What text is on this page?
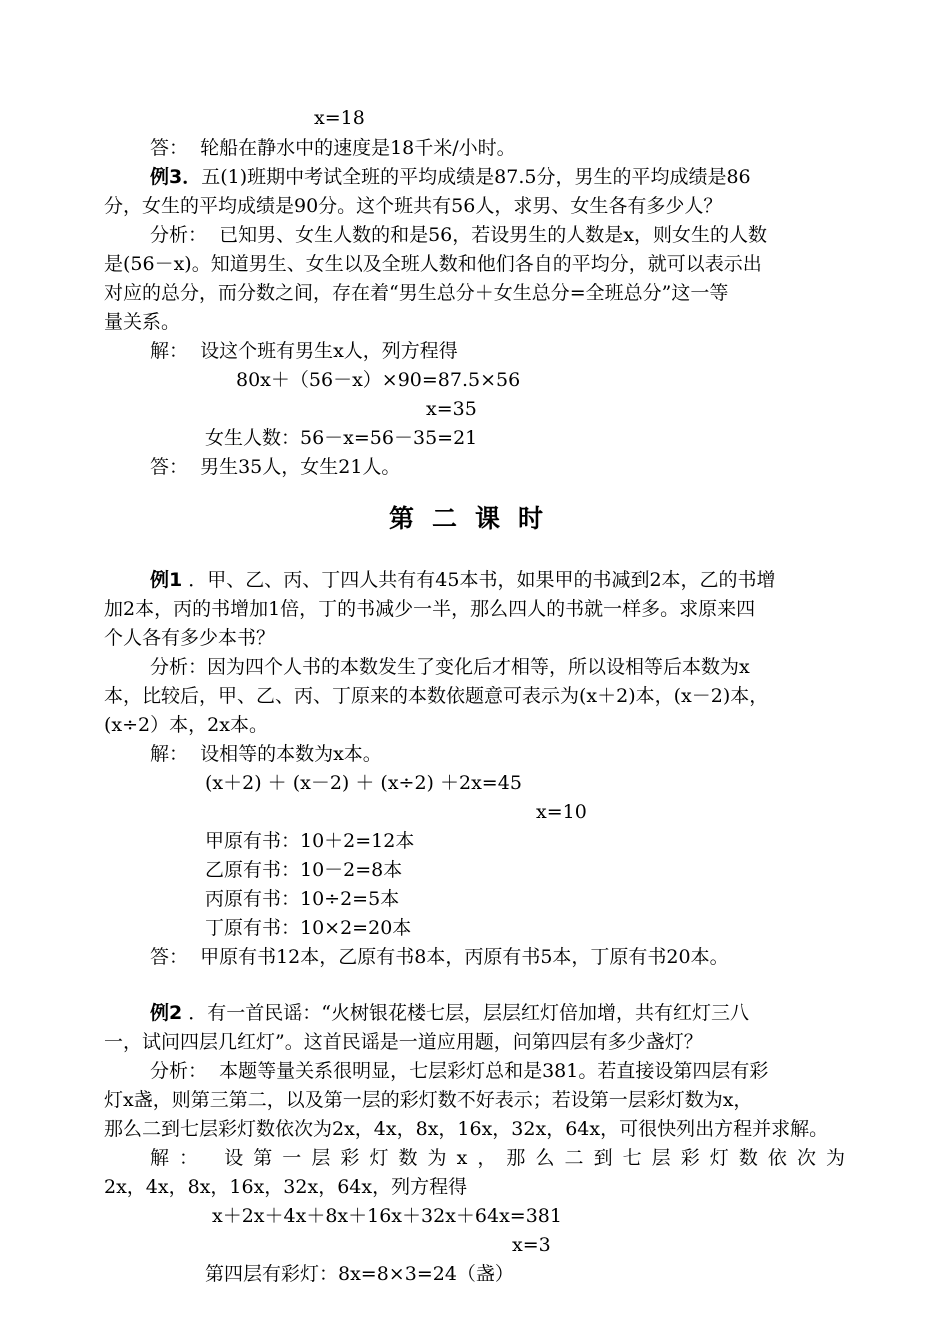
x=18
答：  轮船在静水中的速度是18千米/小时。
例3．五(1)班期中考试全班的平均成绩是87.5分，男生的平均成绩是86
分，女生的平均成绩是90分。这个班共有56人，求男、女生各有多少人？
分析：  已知男、女生人数的和是56，若设男生的人数是x，则女生的人数
是(56－x)。知道男生、女生以及全班人数和他们各自的平均分，就可以表示出
对应的总分，而分数之间，存在着“男生总分＋女生总分=全班总分”这一等
量关系。
解：  设这个班有男生x人，列方程得
80x＋（56－x）×90=87.5×56
x=35
女生人数：56－x=56－35=21
答：  男生35人，女生21人。
第二课时
例1 ．甲、乙、丙、丁四人共有有45本书，如果甲的书减到2本，乙的书增
加2本，丙的书增加1倍，丁的书减少一半，那么四人的书就一样多。求原来四
个人各有多少本书？
分析：因为四个人书的本数发生了变化后才相等，所以设相等后本数为x
本，比较后，甲、乙、丙、丁原来的本数依题意可表示为(x＋2)本，(x－2)本，
(x÷2）本，2x本。
解：  设相等的本数为x本。
(x＋2) ＋ (x－2) ＋ (x÷2) ＋2x=45
x=10
甲原有书：10＋2=12本
乙原有书：10－2=8本
丙原有书：10÷2=5本
丁原有书：10×2=20本
答：  甲原有书12本，乙原有书8本，丙原有书5本，丁原有书20本。
例2 ．有一首民谣：“火树银花楼七层，层层红灯倍加增，共有红灯三八
一，试问四层几红灯”。这首民谣是一道应用题，问第四层有多少盏灯？
分析：  本题等量关系很明显，七层彩灯总和是381。若直接设第四层有彩
灯x盏，则第三第二，以及第一层的彩灯数不好表示；若设第一层彩灯数为x，
那么二到七层彩灯数依次为2x，4x，8x，16x，32x，64x，可很快列出方程并求解。
解： 设第一层彩灯数为x，那么二到七层彩灯数依次为
2x，4x，8x，16x，32x，64x，列方程得
x＋2x＋4x＋8x＋16x＋32x＋64x=381
x=3
第四层有彩灯：8x=8×3=24（盏）
